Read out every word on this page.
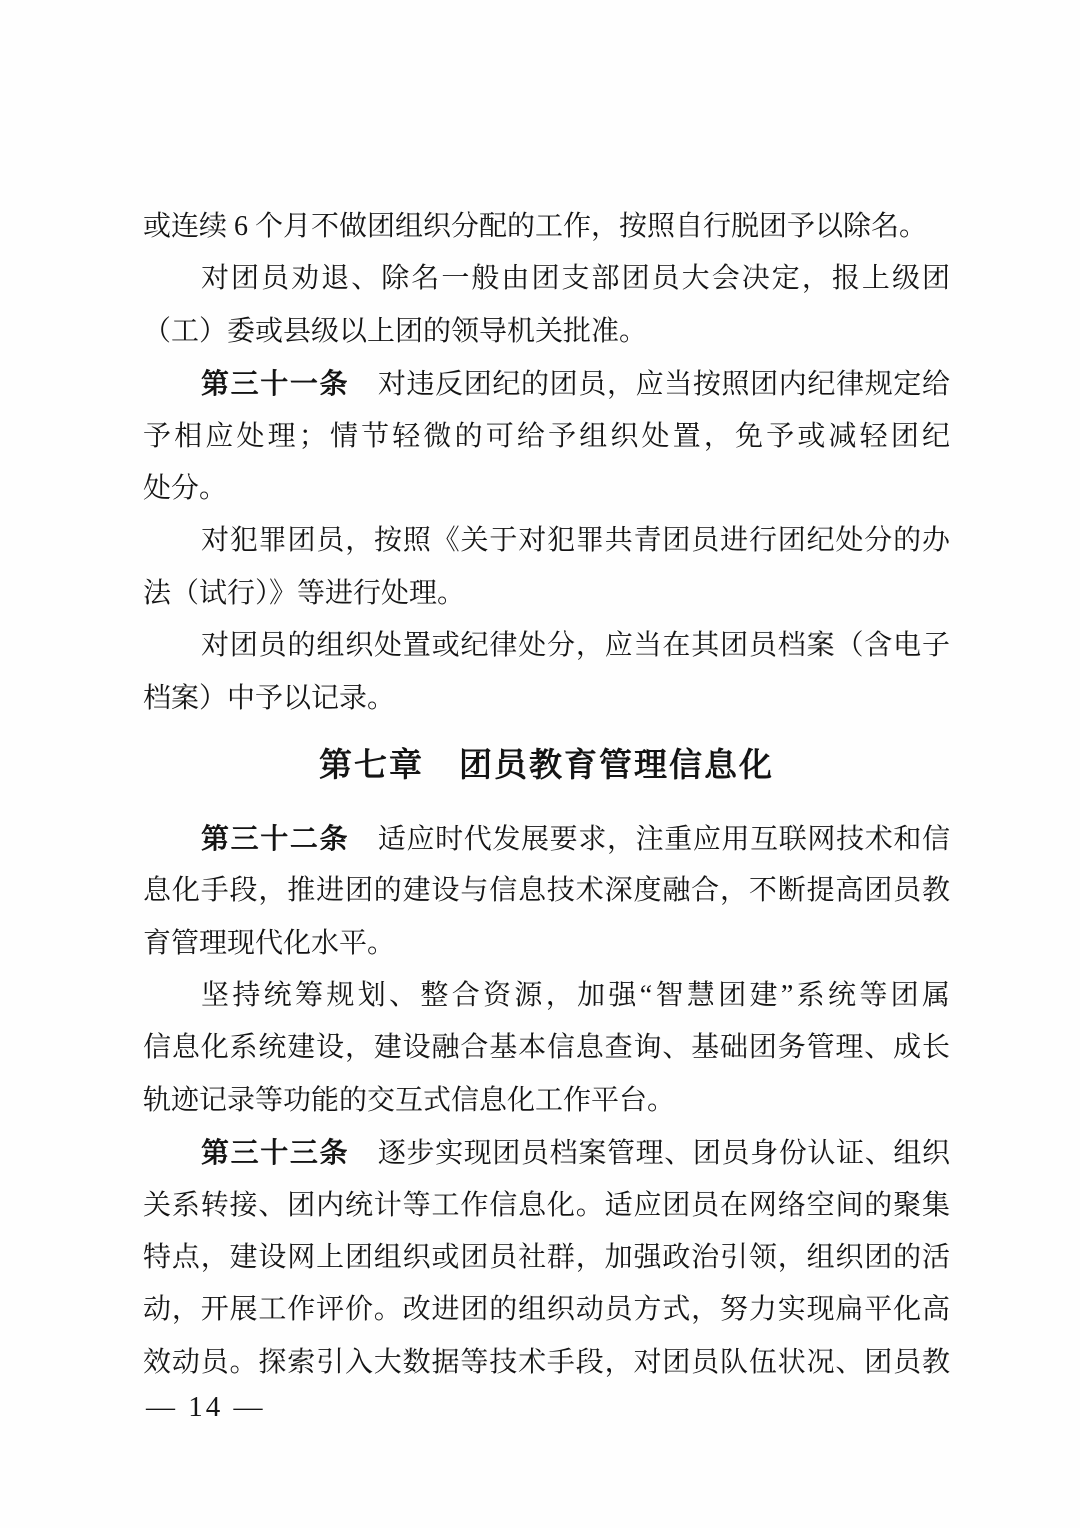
或连续 6 个月不做团组织分配的工作，按照自行脱团予以除名。
对团员劝退、除名一般由团支部团员大会决定，报上级团
（工）委或县级以上团的领导机关批准。
第三十一条　对违反团纪的团员，应当按照团内纪律规定给
予相应处理；情节轻微的可给予组织处置，免予或减轻团纪
处分。
对犯罪团员，按照《关于对犯罪共青团员进行团纪处分的办
法（试行）》等进行处理。
对团员的组织处置或纪律处分，应当在其团员档案（含电子
档案）中予以记录。
第七章　团员教育管理信息化
第三十二条　适应时代发展要求，注重应用互联网技术和信
息化手段，推进团的建设与信息技术深度融合，不断提高团员教
育管理现代化水平。
坚持统筹规划、整合资源，加强“智慧团建”系统等团属
信息化系统建设，建设融合基本信息查询、基础团务管理、成长
轨迹记录等功能的交互式信息化工作平台。
第三十三条　逐步实现团员档案管理、团员身份认证、组织
关系转接、团内统计等工作信息化。适应团员在网络空间的聚集
特点，建设网上团组织或团员社群，加强政治引领，组织团的活
动，开展工作评价。改进团的组织动员方式，努力实现扁平化高
效动员。探索引入大数据等技术手段，对团员队伍状况、团员教
— 14 —
